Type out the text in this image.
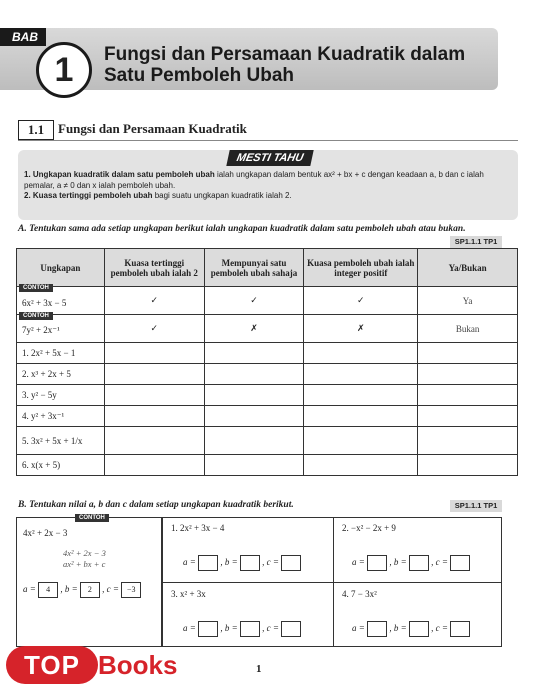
BAB
1	Fungsi dan Persamaan Kuadratik dalam Satu Pemboleh Ubah
1.1	Fungsi dan Persamaan Kuadratik
MESTI TAHU
1. Ungkapan kuadratik dalam satu pemboleh ubah ialah ungkapan dalam bentuk ax² + bx + c dengan keadaan a, b dan c ialah pemalar, a ≠ 0 dan x ialah pemboleh ubah.
2. Kuasa tertinggi pemboleh ubah bagi suatu ungkapan kuadratik ialah 2.
A. Tentukan sama ada setiap ungkapan berikut ialah ungkapan kuadratik dalam satu pemboleh ubah atau bukan.
SP1.1.1 TP1
Ungkapan	Kuasa tertinggi pemboleh ubah ialah 2	Mempunyai satu pemboleh ubah sahaja	Kuasa pemboleh ubah ialah integer positif	Ya/Bukan

CONTOH
6x² + 3x − 5	✓	✓	✓	Ya

CONTOH
7y² + 2x⁻¹	✓	✗	✗	Bukan
1. 2x² + 5x − 1				
2. x³ + 2x + 5				
3. y² − 5y				
4. y² + 3x⁻¹				
5. 3x² + 5x + 1/x				
6. x(x + 5)				
B. Tentukan nilai a, b dan c dalam setiap ungkapan kuadratik berikut.	SP1.1.1 TP1
CONTOH
4x² + 2x − 3
4x² + 2x − 3
ax² + bx + c
a = 4 , b = 2 , c = −3
1. 2x² + 3x − 4
a =	, b =	, c =
2. −x² − 2x + 9
a =	, b =	, c =
3. x² + 3x
a =	, b =	, c =
4. 7 − 3x²
a =	, b =	, c =
1
TOP Books
